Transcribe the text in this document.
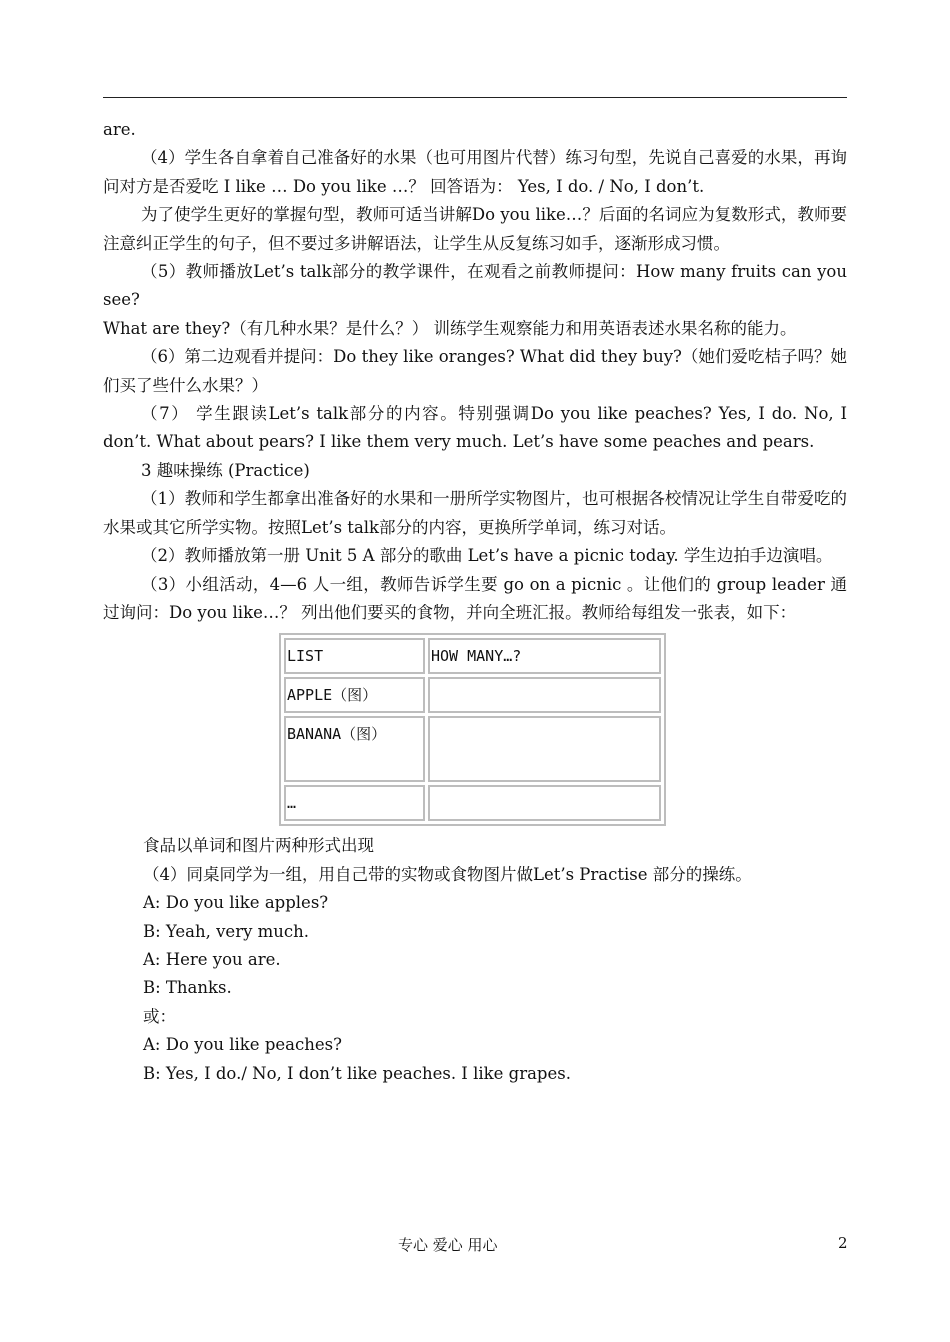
are.

（4）学生各自拿着自己准备好的水果（也可用图片代替）练习句型，先说自己喜爱的水果，再询问对方是否爱吃 I like … Do you like …？ 回答语为： Yes, I do. / No, I don’t.

为了使学生更好的掌握句型，教师可适当讲解Do you like…？后面的名词应为复数形式，教师要注意纠正学生的句子，但不要过多讲解语法，让学生从反复练习如手，逐渐形成习惯。

（5）教师播放Let’s talk部分的教学课件，在观看之前教师提问：How many fruits can you see?

What are they?（有几种水果？是什么？） 训练学生观察能力和用英语表述水果名称的能力。

（6）第二边观看并提问：Do they like oranges? What did they buy?（她们爱吃桔子吗？她们买了些什么水果？）

（7） 学生跟读Let’s talk部分的内容。特别强调Do you like peaches? Yes, I do. No, I don’t. What about pears? I like them very much. Let’s have some peaches and pears.

3 趣味操练 (Practice)

（1）教师和学生都拿出准备好的水果和一册所学实物图片，也可根据各校情况让学生自带爱吃的水果或其它所学实物。按照Let’s talk部分的内容，更换所学单词，练习对话。

（2）教师播放第一册 Unit 5 A 部分的歌曲 Let’s have a picnic today. 学生边拍手边演唱。

（3）小组活动，4—6 人一组，教师告诉学生要 go on a picnic 。让他们的 group leader 通过询问：Do you like…？ 列出他们要买的食物，并向全班汇报。教师给每组发一张表，如下：

LIST	HOW MANY…?
APPLE（图）	
BANANA（图）	
…	

食品以单词和图片两种形式出现

（4）同桌同学为一组，用自己带的实物或食物图片做Let’s Practise 部分的操练。

A: Do you like apples?

B: Yeah, very much.

A: Here you are.

B: Thanks.

或：

A: Do you like peaches?

B: Yes, I do./ No, I don’t like peaches. I like grapes.

专心 爱心 用心	2
